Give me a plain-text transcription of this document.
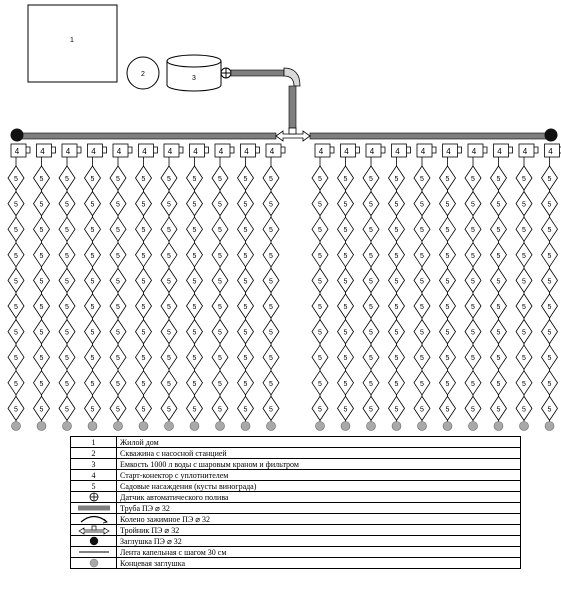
1
2
3
4
5
5
5
5
5
5
5
5
5
5
4
5
5
5
5
5
5
5
5
5
5
4
5
5
5
5
5
5
5
5
5
5
4
5
5
5
5
5
5
5
5
5
5
4
5
5
5
5
5
5
5
5
5
5
4
5
5
5
5
5
5
5
5
5
5
4
5
5
5
5
5
5
5
5
5
5
4
5
5
5
5
5
5
5
5
5
5
4
5
5
5
5
5
5
5
5
5
5
4
5
5
5
5
5
5
5
5
5
5
4
5
5
5
5
5
5
5
5
5
5
4
5
5
5
5
5
5
5
5
5
5
4
5
5
5
5
5
5
5
5
5
5
4
5
5
5
5
5
5
5
5
5
5
4
5
5
5
5
5
5
5
5
5
5
4
5
5
5
5
5
5
5
5
5
5
4
5
5
5
5
5
5
5
5
5
5
4
5
5
5
5
5
5
5
5
5
5
4
5
5
5
5
5
5
5
5
5
5
4
5
5
5
5
5
5
5
5
5
5
4
5
5
5
5
5
5
5
5
5
5
1	Жилой дом
2	Скважина с насосной станцией
3	Емкость 1000 л воды с шаровым краном и фильтром
4	Старт-конектор с уплотнителем
5	Садовые насаждения (кусты винограда)

	Датчик автоматического полива

	Труба ПЭ ⌀ 32

	Колено зажимное ПЭ ⌀ 32

	Тройник ПЭ ⌀ 32

	Заглушка ПЭ ⌀ 32

	Лента капельная с шагом 30 см

	Концевая заглушка
